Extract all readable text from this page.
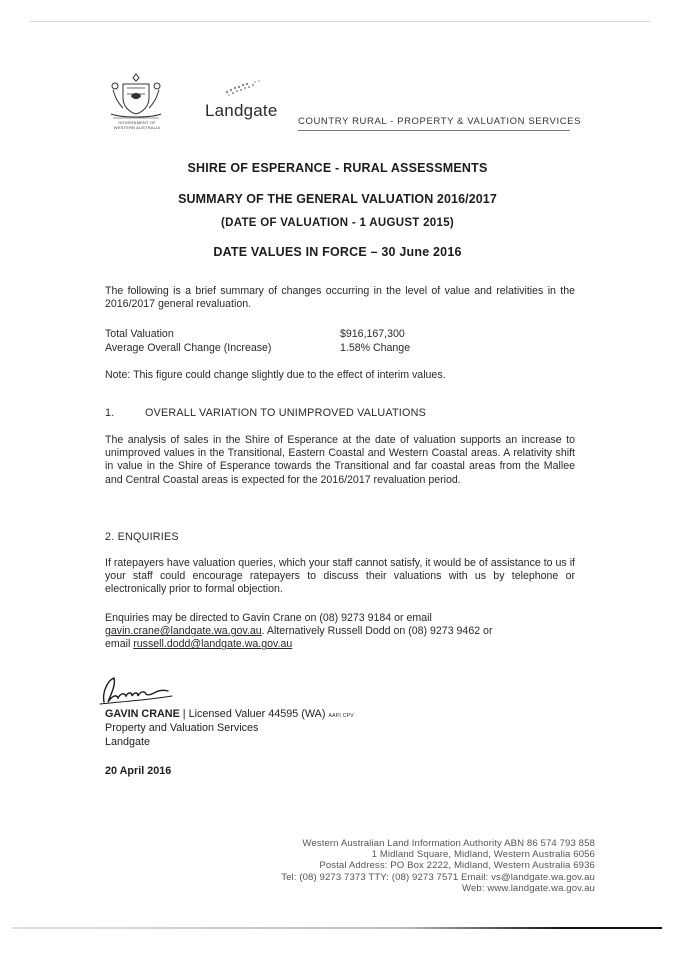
GOVERNMENT OF
WESTERN AUSTRALIA
Landgate
COUNTRY RURAL - PROPERTY & VALUATION SERVICES
SHIRE OF ESPERANCE - RURAL ASSESSMENTS
SUMMARY OF THE GENERAL VALUATION 2016/2017
(DATE OF VALUATION - 1 AUGUST 2015)
DATE VALUES IN FORCE – 30 June 2016
The following is a brief summary of changes occurring in the level of value and relativities in the 2016/2017 general revaluation.
Total Valuation	$916,167,300
Average Overall Change (Increase)	1.58% Change
Note: This figure could change slightly due to the effect of interim values.
1.	OVERALL VARIATION TO UNIMPROVED VALUATIONS
The analysis of sales in the Shire of Esperance at the date of valuation supports an increase to unimproved values in the Transitional, Eastern Coastal and Western Coastal areas. A relativity shift in value in the Shire of Esperance towards the Transitional and far coastal areas from the Mallee and Central Coastal areas is expected for the 2016/2017 revaluation period.
2. ENQUIRIES
If ratepayers have valuation queries, which your staff cannot satisfy, it would be of assistance to us if your staff could encourage ratepayers to discuss their valuations with us by telephone or electronically prior to formal objection.
Enquiries may be directed to Gavin Crane on (08) 9273 9184 or email
gavin.crane@landgate.wa.gov.au. Alternatively Russell Dodd on (08) 9273 9462 or
email russell.dodd@landgate.wa.gov.au
GAVIN CRANE | Licensed Valuer 44595 (WA) AAPI CPV
Property and Valuation Services
Landgate
20 April 2016
Western Australian Land Information Authority ABN 86 574 793 858
1 Midland Square, Midland, Western Australia 6056
Postal Address: PO Box 2222, Midland, Western Australia 6936
Tel: (08) 9273 7373 TTY: (08) 9273 7571 Email: vs@landgate.wa.gov.au
Web: www.landgate.wa.gov.au
